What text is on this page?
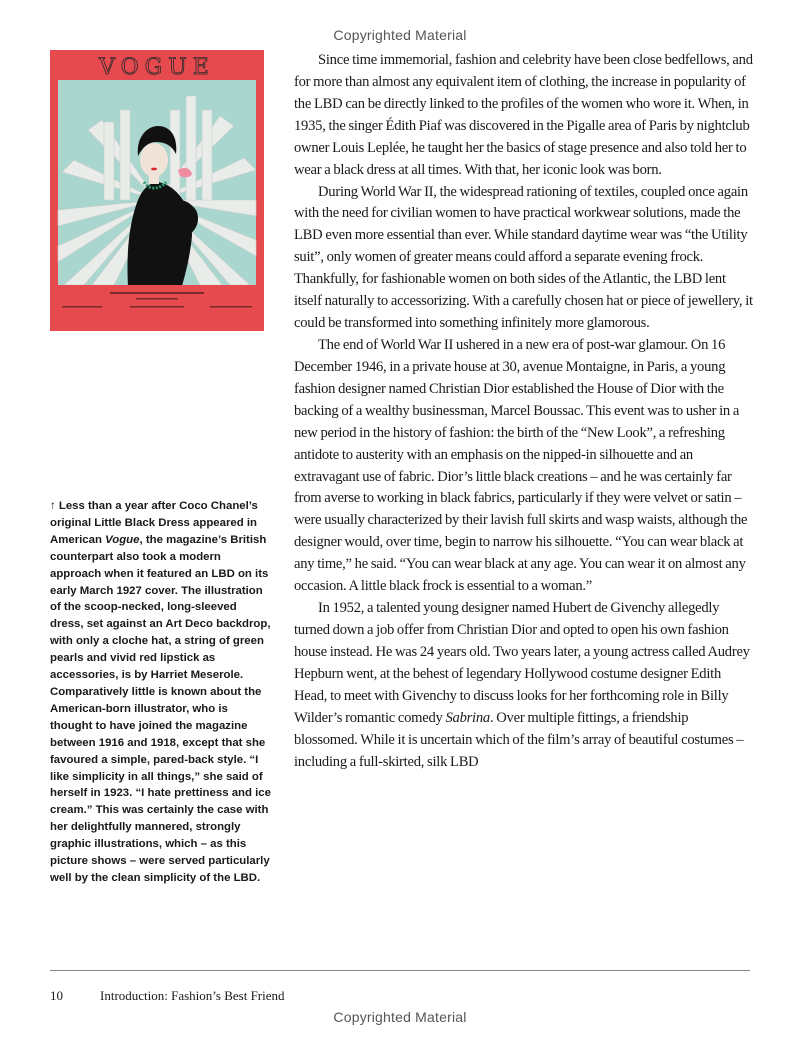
Copyrighted Material
VOGUE

↑ Less than a year after Coco Chanel’s original Little Black Dress appeared in American Vogue, the magazine’s British counterpart also took a modern approach when it featured an LBD on its early March 1927 cover. The illustration of the scoop-necked, long-sleeved dress, set against an Art Deco backdrop, with only a cloche hat, a string of green pearls and vivid red lipstick as accessories, is by Harriet Meserole. Comparatively little is known about the American-born illustrator, who is thought to have joined the magazine between 1916 and 1918, except that she favoured a simple, pared-back style. “I like simplicity in all things,” she said of herself in 1923. “I hate prettiness and ice cream.” This was certainly the case with her delightfully mannered, strongly graphic illustrations, which – as this picture shows – were served particularly well by the clean simplicity of the LBD.

Since time immemorial, fashion and celebrity have been close bedfellows, and for more than almost any equivalent item of clothing, the increase in popularity of the LBD can be directly linked to the profiles of the women who wore it. When, in 1935, the singer Édith Piaf was discovered in the Pigalle area of Paris by nightclub owner Louis Leplée, he taught her the basics of stage presence and also told her to wear a black dress at all times. With that, her iconic look was born.

During World War II, the widespread rationing of textiles, coupled once again with the need for civilian women to have practical workwear solutions, made the LBD even more essential than ever. While standard daytime wear was “the Utility suit”, only women of greater means could afford a separate evening frock. Thankfully, for fashionable women on both sides of the Atlantic, the LBD lent itself naturally to accessorizing. With a carefully chosen hat or piece of jewellery, it could be transformed into something infinitely more glamorous.

The end of World War II ushered in a new era of post-war glamour. On 16 December 1946, in a private house at 30, avenue Montaigne, in Paris, a young fashion designer named Christian Dior established the House of Dior with the backing of a wealthy businessman, Marcel Boussac. This event was to usher in a new period in the history of fashion: the birth of the “New Look”, a refreshing antidote to austerity with an emphasis on the nipped-in silhouette and an extravagant use of fabric. Dior’s little black creations – and he was certainly far from averse to working in black fabrics, particularly if they were velvet or satin – were usually characterized by their lavish full skirts and wasp waists, although the designer would, over time, begin to narrow his silhouette. “You can wear black at any time,” he said. “You can wear black at any age. You can wear it on almost any occasion. A little black frock is essential to a woman.”

In 1952, a talented young designer named Hubert de Givenchy allegedly turned down a job offer from Christian Dior and opted to open his own fashion house instead. He was 24 years old. Two years later, a young actress called Audrey Hepburn went, at the behest of legendary Hollywood costume designer Edith Head, to meet with Givenchy to discuss looks for her forthcoming role in Billy Wilder’s romantic comedy Sabrina. Over multiple fittings, a friendship blossomed. While it is uncertain which of the film’s array of beautiful costumes – including a full-skirted, silk LBD

10	Introduction: Fashion’s Best Friend
Copyrighted Material
